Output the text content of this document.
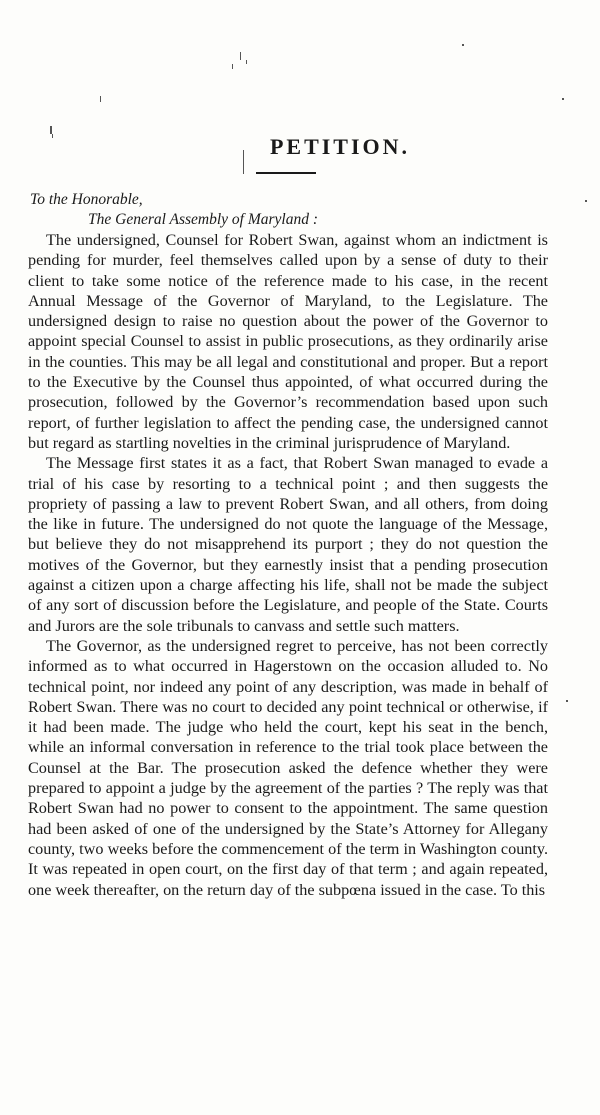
PETITION.
To the Honorable,
The General Assembly of Maryland :

The undersigned, Counsel for Robert Swan, against whom an indictment is pending for murder, feel themselves called upon by a sense of duty to their client to take some notice of the reference made to his case, in the recent Annual Message of the Governor of Maryland, to the Legislature. The undersigned design to raise no question about the power of the Governor to appoint special Counsel to assist in public prosecutions, as they ordinarily arise in the counties. This may be all legal and constitutional and proper. But a report to the Executive by the Counsel thus appointed, of what occurred during the prosecution, followed by the Governor’s recommendation based upon such report, of further legislation to affect the pending case, the undersigned cannot but regard as startling novelties in the criminal jurisprudence of Maryland.

The Message first states it as a fact, that Robert Swan managed to evade a trial of his case by resorting to a technical point ; and then suggests the propriety of passing a law to prevent Robert Swan, and all others, from doing the like in future. The undersigned do not quote the language of the Message, but believe they do not misapprehend its purport ; they do not question the motives of the Governor, but they earnestly insist that a pending prosecution against a citizen upon a charge affecting his life, shall not be made the subject of any sort of discussion before the Legislature, and people of the State. Courts and Jurors are the sole tribunals to canvass and settle such matters.

The Governor, as the undersigned regret to perceive, has not been correctly informed as to what occurred in Hagerstown on the occasion alluded to. No technical point, nor indeed any point of any description, was made in behalf of Robert Swan. There was no court to decided any point technical or otherwise, if it had been made. The judge who held the court, kept his seat in the bench, while an informal conversation in reference to the trial took place between the Counsel at the Bar. The prosecution asked the defence whether they were prepared to appoint a judge by the agreement of the parties ? The reply was that Robert Swan had no power to consent to the appointment. The same question had been asked of one of the undersigned by the State’s Attorney for Allegany county, two weeks before the commencement of the term in Washington county. It was repeated in open court, on the first day of that term ; and again repeated, one week thereafter, on the return day of the subpœna issued in the case. To this
